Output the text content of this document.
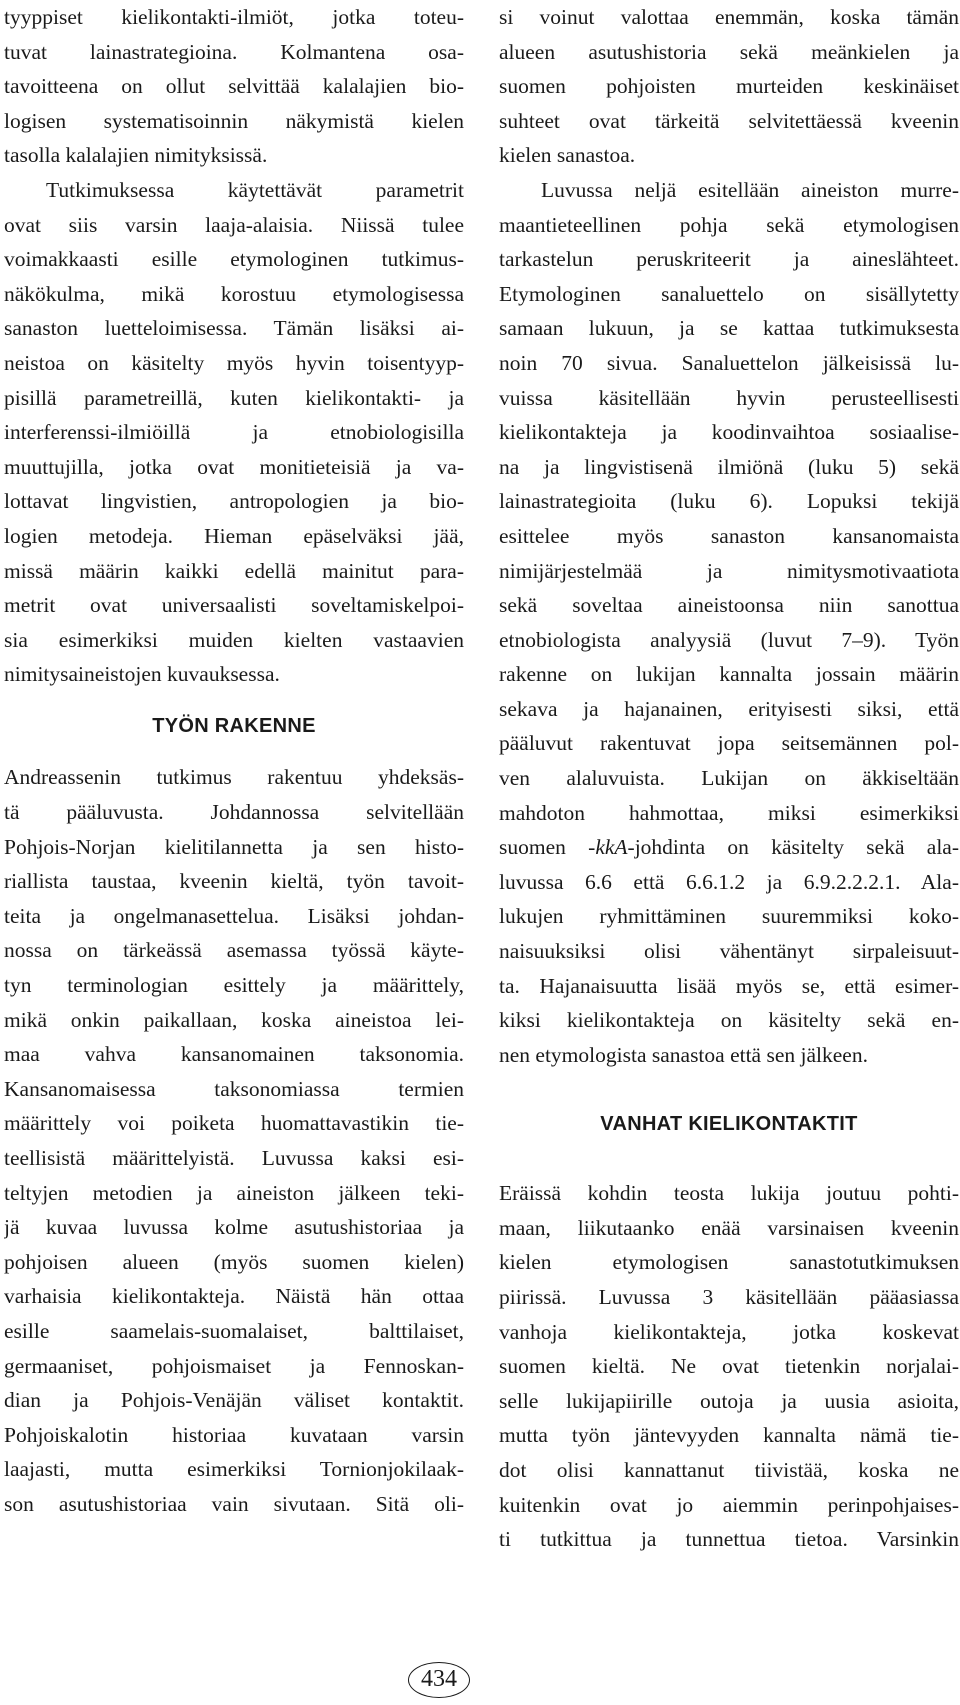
tyyppiset kielikontakti-ilmiöt, jotka toteu-
tuvat lainastrategioina. Kolmantena osa-
tavoitteena on ollut selvittää kalalajien bio-
logisen systematisoinnin näkymistä kielen
tasolla kalalajien nimityksissä.
Tutkimuksessa käytettävät parametrit
ovat siis varsin laaja-alaisia. Niissä tulee
voimakkaasti esille etymologinen tutkimus-
näkökulma, mikä korostuu etymologisessa
sanaston luetteloimisessa. Tämän lisäksi ai-
neistoa on käsitelty myös hyvin toisentyyp-
pisillä parametreillä, kuten kielikontakti- ja
interferenssi-ilmiöillä ja etnobiologisilla
muuttujilla, jotka ovat monitieteisiä ja va-
lottavat lingvistien, antropologien ja bio-
logien metodeja. Hieman epäselväksi jää,
missä määrin kaikki edellä mainitut para-
metrit ovat universaalisti soveltamiskelpoi-
sia esimerkiksi muiden kielten vastaavien
nimitysaineistojen kuvauksessa.
TYÖN RAKENNE
Andreassenin tutkimus rakentuu yhdeksäs-
tä pääluvusta. Johdannossa selvitellään
Pohjois-Norjan kielitilannetta ja sen histo-
riallista taustaa, kveenin kieltä, työn tavoit-
teita ja ongelmanasettelua. Lisäksi johdan-
nossa on tärkeässä asemassa työssä käyte-
tyn terminologian esittely ja määrittely,
mikä onkin paikallaan, koska aineistoa lei-
maa vahva kansanomainen taksonomia.
Kansanomaisessa taksonomiassa termien
määrittely voi poiketa huomattavastikin tie-
teellisistä määrittelyistä. Luvussa kaksi esi-
teltyjen metodien ja aineiston jälkeen teki-
jä kuvaa luvussa kolme asutushistoriaa ja
pohjoisen alueen (myös suomen kielen)
varhaisia kielikontakteja. Näistä hän ottaa
esille saamelais-suomalaiset, balttilaiset,
germaaniset, pohjoismaiset ja Fennoskan-
dian ja Pohjois-Venäjän väliset kontaktit.
Pohjoiskalotin historiaa kuvataan varsin
laajasti, mutta esimerkiksi Tornionjokilaak-
son asutushistoriaa vain sivutaan. Sitä oli-
si voinut valottaa enemmän, koska tämän
alueen asutushistoria sekä meänkielen ja
suomen pohjoisten murteiden keskinäiset
suhteet ovat tärkeitä selvitettäessä kveenin
kielen sanastoa.
Luvussa neljä esitellään aineiston murre-
maantieteellinen pohja sekä etymologisen
tarkastelun peruskriteerit ja aineslähteet.
Etymologinen sanaluettelo on sisällytetty
samaan lukuun, ja se kattaa tutkimuksesta
noin 70 sivua. Sanaluettelon jälkeisissä lu-
vuissa käsitellään hyvin perusteellisesti
kielikontakteja ja koodinvaihtoa sosiaalise-
na ja lingvistisenä ilmiönä (luku 5) sekä
lainastrategioita (luku 6). Lopuksi tekijä
esittelee myös sanaston kansanomaista
nimijärjestelmää ja nimitysmotivaatiota
sekä soveltaa aineistoonsa niin sanottua
etnobiologista analyysiä (luvut 7–9). Työn
rakenne on lukijan kannalta jossain määrin
sekava ja hajanainen, erityisesti siksi, että
pääluvut rakentuvat jopa seitsemännen pol-
ven alaluvuista. Lukijan on äkkiseltään
mahdoton hahmottaa, miksi esimerkiksi
suomen -kkA-johdinta on käsitelty sekä ala-
luvussa 6.6 että 6.6.1.2 ja 6.9.2.2.2.1. Ala-
lukujen ryhmittäminen suuremmiksi koko-
naisuuksiksi olisi vähentänyt sirpaleisuut-
ta. Hajanaisuutta lisää myös se, että esimer-
kiksi kielikontakteja on käsitelty sekä en-
nen etymologista sanastoa että sen jälkeen.
VANHAT KIELIKONTAKTIT
Eräissä kohdin teosta lukija joutuu pohti-
maan, liikutaanko enää varsinaisen kveenin
kielen etymologisen sanastotutkimuksen
piirissä. Luvussa 3 käsitellään pääasiassa
vanhoja kielikontakteja, jotka koskevat
suomen kieltä. Ne ovat tietenkin norjalai-
selle lukijapiirille outoja ja uusia asioita,
mutta työn jäntevyyden kannalta nämä tie-
dot olisi kannattanut tiivistää, koska ne
kuitenkin ovat jo aiemmin perinpohjaises-
ti tutkittua ja tunnettua tietoa. Varsinkin
434
